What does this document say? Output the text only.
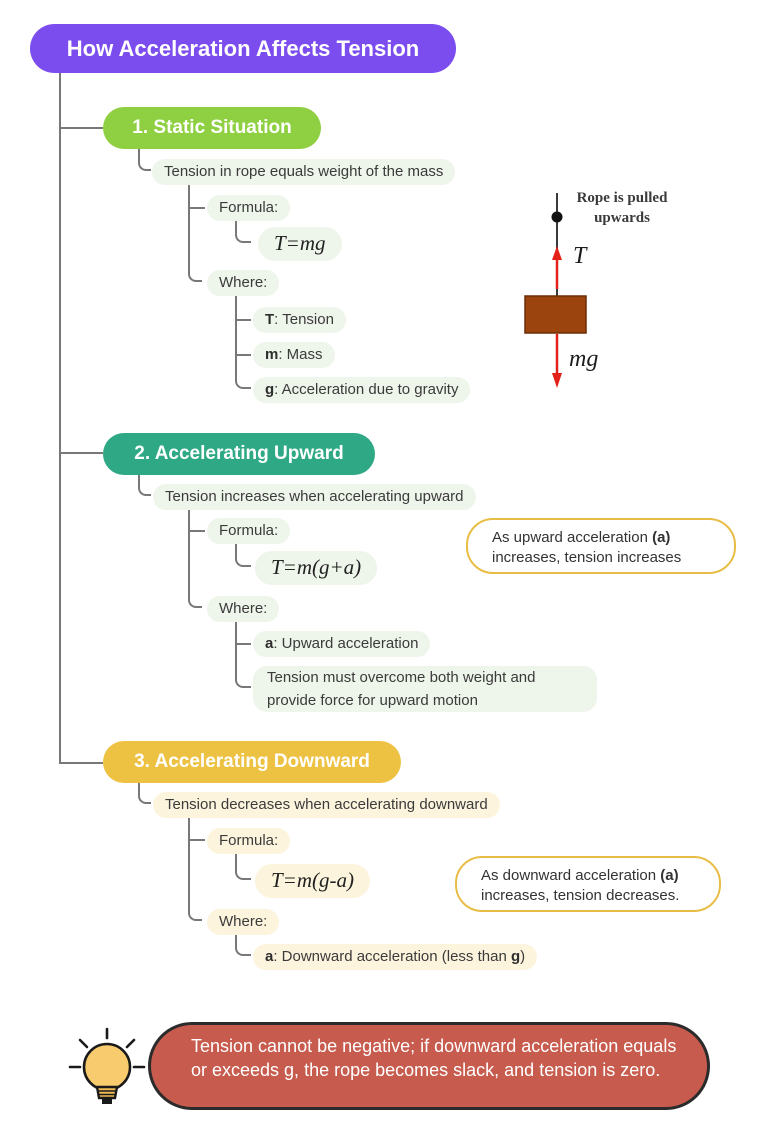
How Acceleration Affects Tension
1. Static Situation
Tension in rope equals weight of the mass
Formula:
T=mg
Where:
T: Tension
m: Mass
g: Acceleration due to gravity
Rope is pulled upwards
T
mg
2. Accelerating Upward
Tension increases when accelerating upward
Formula:
T=m(g+a)
Where:
a: Upward acceleration
Tension must overcome both weight and provide force for upward motion
As upward acceleration (a)
increases, tension increases
3. Accelerating Downward
Tension decreases when accelerating downward
Formula:
T=m(g-a)
Where:
a: Downward acceleration (less than g)
As downward acceleration (a)
increases, tension decreases.
Tension cannot be negative; if downward acceleration equals or exceeds g, the rope becomes slack, and tension is zero.
